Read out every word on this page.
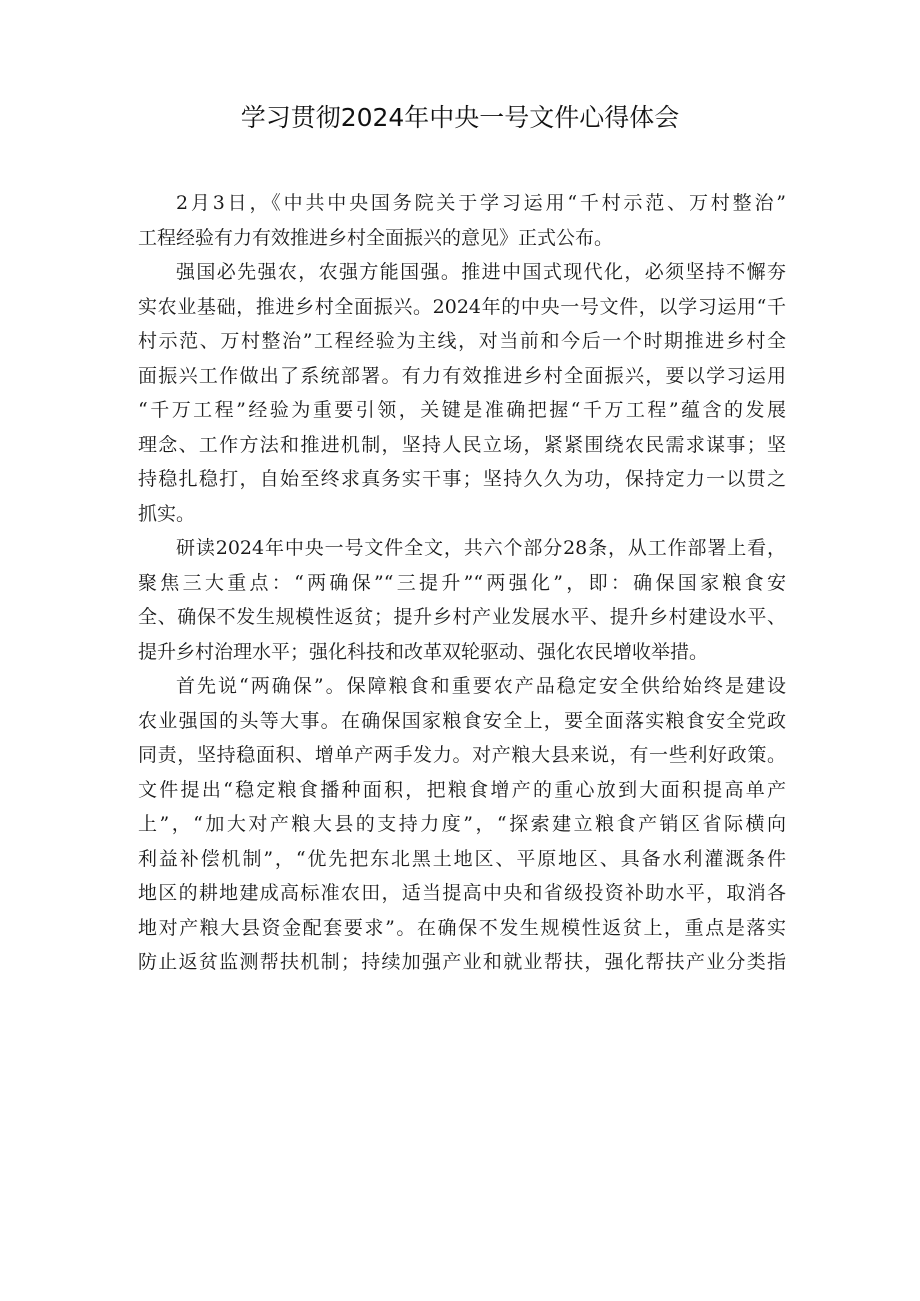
学习贯彻2024年中央一号文件心得体会
2月3日，《中共中央国务院关于学习运用“千村示范、万村整治”
工程经验有力有效推进乡村全面振兴的意见》正式公布。
强国必先强农，农强方能国强。推进中国式现代化，必须坚持不懈夯
实农业基础，推进乡村全面振兴。2024年的中央一号文件，以学习运用“千
村示范、万村整治”工程经验为主线，对当前和今后一个时期推进乡村全
面振兴工作做出了系统部署。有力有效推进乡村全面振兴，要以学习运用
“千万工程”经验为重要引领，关键是准确把握“千万工程”蕴含的发展
理念、工作方法和推进机制，坚持人民立场，紧紧围绕农民需求谋事；坚
持稳扎稳打，自始至终求真务实干事；坚持久久为功，保持定力一以贯之
抓实。
研读2024年中央一号文件全文，共六个部分28条，从工作部署上看，
聚焦三大重点：“两确保”“三提升”“两强化”，即：确保国家粮食安
全、确保不发生规模性返贫；提升乡村产业发展水平、提升乡村建设水平、
提升乡村治理水平；强化科技和改革双轮驱动、强化农民增收举措。
首先说“两确保”。保障粮食和重要农产品稳定安全供给始终是建设
农业强国的头等大事。在确保国家粮食安全上，要全面落实粮食安全党政
同责，坚持稳面积、增单产两手发力。对产粮大县来说，有一些利好政策。
文件提出“稳定粮食播种面积，把粮食增产的重心放到大面积提高单产
上”，“加大对产粮大县的支持力度”，“探索建立粮食产销区省际横向
利益补偿机制”，“优先把东北黑土地区、平原地区、具备水利灌溉条件
地区的耕地建成高标准农田，适当提高中央和省级投资补助水平，取消各
地对产粮大县资金配套要求”。在确保不发生规模性返贫上，重点是落实
防止返贫监测帮扶机制；持续加强产业和就业帮扶，强化帮扶产业分类指
